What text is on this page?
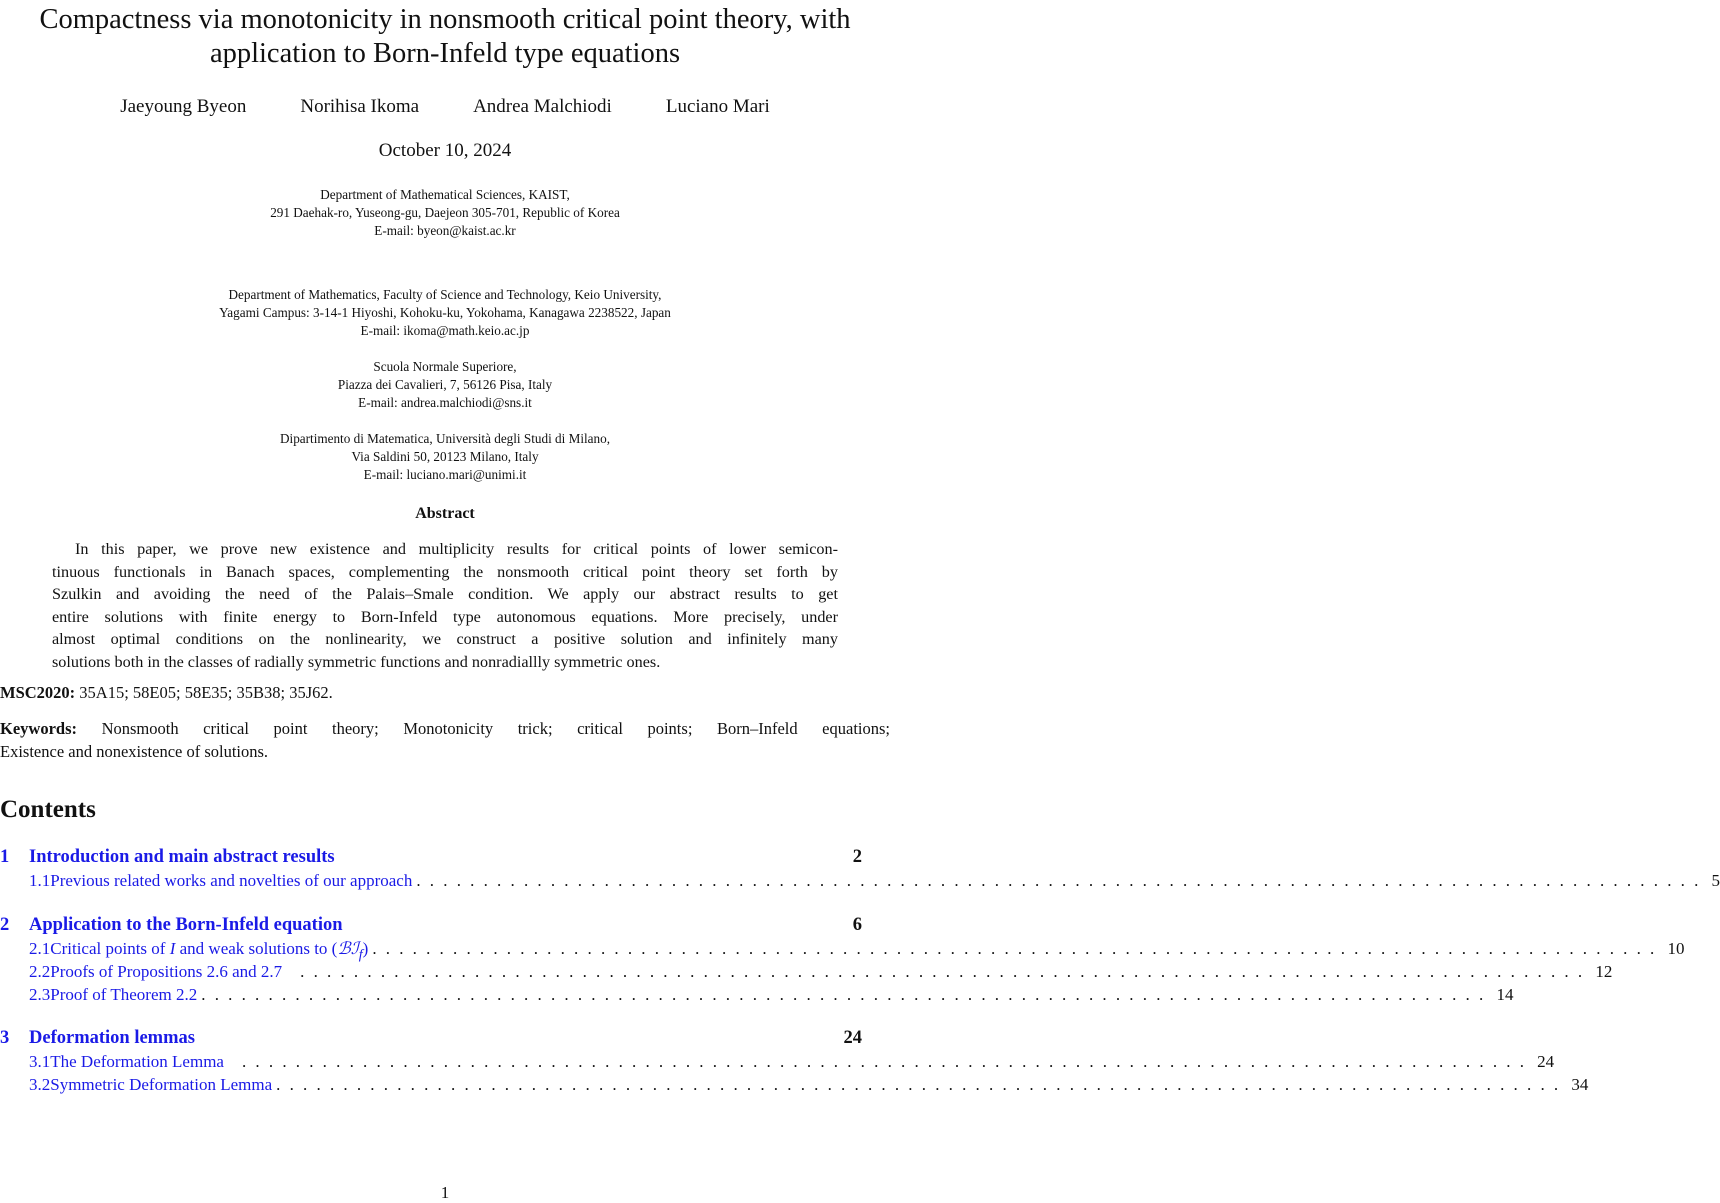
Compactness via monotonicity in nonsmooth critical point theory, with
application to Born-Infeld type equations
Jaeyoung Byeon	Norihisa Ikoma	Andrea Malchiodi	Luciano Mari
October 10, 2024
Department of Mathematical Sciences, KAIST,
291 Daehak-ro, Yuseong-gu, Daejeon 305-701, Republic of Korea
E-mail: byeon@kaist.ac.kr
Department of Mathematics, Faculty of Science and Technology, Keio University,
Yagami Campus: 3-14-1 Hiyoshi, Kohoku-ku, Yokohama, Kanagawa 2238522, Japan
E-mail: ikoma@math.keio.ac.jp
Scuola Normale Superiore,
Piazza dei Cavalieri, 7, 56126 Pisa, Italy
E-mail: andrea.malchiodi@sns.it
Dipartimento di Matematica, Università degli Studi di Milano,
Via Saldini 50, 20123 Milano, Italy
E-mail: luciano.mari@unimi.it
Abstract
In this paper, we prove new existence and multiplicity results for critical points of lower semicon-
tinuous functionals in Banach spaces, complementing the nonsmooth critical point theory set forth by
Szulkin and avoiding the need of the Palais–Smale condition. We apply our abstract results to get
entire solutions with finite energy to Born-Infeld type autonomous equations. More precisely, under
almost optimal conditions on the nonlinearity, we construct a positive solution and infinitely many
solutions both in the classes of radially symmetric functions and nonradiallly symmetric ones.
MSC2020: 35A15; 58E05; 58E35; 35B38; 35J62.
Keywords: Nonsmooth critical point theory; Monotonicity trick; critical points; Born–Infeld equations;
Existence and nonexistence of solutions.
Contents
1	Introduction and main abstract results	2
1.1 Previous related works and novelties of our approach ................................................................................................ 5
2	Application to the Born-Infeld equation	6
2.1 Critical points of I and weak solutions to (ℬℐ$_f$) ................................................................................................ 10
2.2 Proofs of Propositions 2.6 and 2.7 ................................................................................................ 12
2.3 Proof of Theorem 2.2 ................................................................................................ 14
3	Deformation lemmas	24
3.1 The Deformation Lemma ................................................................................................ 24
3.2 Symmetric Deformation Lemma ................................................................................................ 34
1
